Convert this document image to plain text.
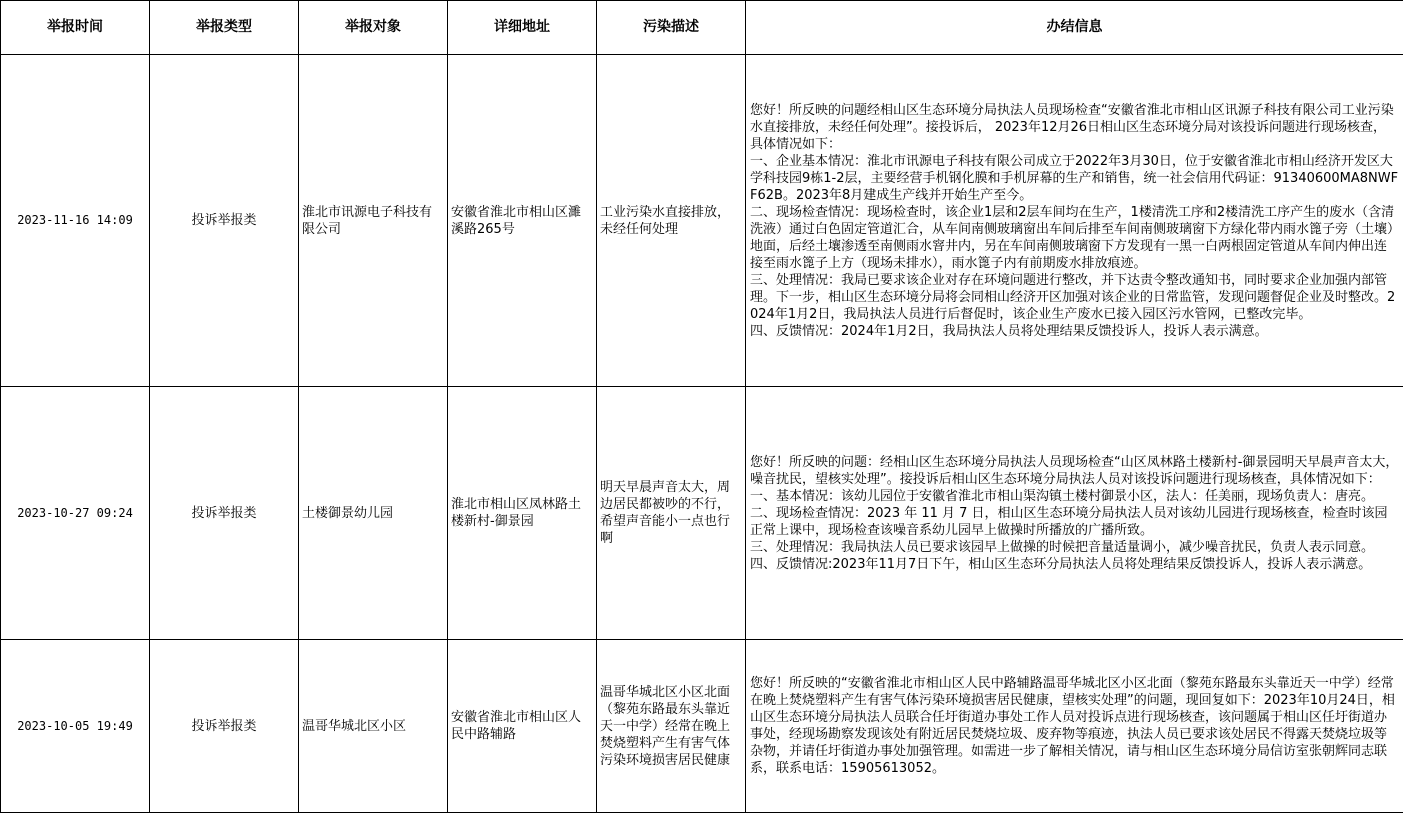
举报时间	举报类型	举报对象	详细地址	污染描述	办结信息
2023-11-16 14:09	投诉举报类	淮北市讯源电子科技有限公司	安徽省淮北市相山区濉溪路265号	工业污染水直接排放，未经任何处理	您好！所反映的问题经相山区生态环境分局执法人员现场检查“安徽省淮北市相山区讯源子科技有限公司工业污染水直接排放，未经任何处理”。接投诉后， 2023年12月26日相山区生态环境分局对该投诉问题进行现场核查，具体情况如下：
一、企业基本情况：淮北市讯源电子科技有限公司成立于2022年3月30日，位于安徽省淮北市相山经济开发区大学科技园9栋1-2层，主要经营手机钢化膜和手机屏幕的生产和销售，统一社会信用代码证：91340600MA8NWFF62B。2023年8月建成生产线并开始生产至今。
二、现场检查情况：现场检查时，该企业1层和2层车间均在生产，1楼清洗工序和2楼清洗工序产生的废水（含清洗液）通过白色固定管道汇合，从车间南侧玻璃窗出车间后排至车间南侧玻璃窗下方绿化带内雨水篦子旁（土壤）地面，后经土壤渗透至南侧雨水窨井内，另在车间南侧玻璃窗下方发现有一黑一白两根固定管道从车间内伸出连接至雨水篦子上方（现场未排水），雨水篦子内有前期废水排放痕迹。
三、处理情况：我局已要求该企业对存在环境问题进行整改，并下达责令整改通知书，同时要求企业加强内部管理。下一步，相山区生态环境分局将会同相山经济开区加强对该企业的日常监管，发现问题督促企业及时整改。2024年1月2日，我局执法人员进行后督促时，该企业生产废水已接入园区污水管网，已整改完毕。
四、反馈情况：2024年1月2日，我局执法人员将处理结果反馈投诉人，投诉人表示满意。

2023-10-27 09:24	投诉举报类	土楼御景幼儿园	淮北市相山区凤林路土楼新村-御景园	明天早晨声音太大，周边居民都被吵的不行，希望声音能小一点也行啊	您好！所反映的问题：经相山区生态环境分局执法人员现场检查“山区凤林路土楼新村-御景园明天早晨声音太大，噪音扰民，望核实处理”。接投诉后相山区生态环境分局执法人员对该投诉问题进行现场核查，具体情况如下：
一、基本情况：该幼儿园位于安徽省淮北市相山渠沟镇土楼村御景小区，法人：任美丽，现场负责人：唐亮。
二、现场检查情况：2023 年 11 月 7 日，相山区生态环境分局执法人员对该幼儿园进行现场核查，检查时该园正常上课中，现场检查该噪音系幼儿园早上做操时所播放的广播所致。
三、处理情况：我局执法人员已要求该园早上做操的时候把音量适量调小，减少噪音扰民，负责人表示同意。
四、反馈情况:2023年11月7日下午，相山区生态环分局执法人员将处理结果反馈投诉人，投诉人表示满意。

2023-10-05 19:49	投诉举报类	温哥华城北区小区	安徽省淮北市相山区人民中路辅路	温哥华城北区小区北面（黎苑东路最东头靠近天一中学）经常在晚上焚烧塑料产生有害气体污染环境损害居民健康	您好！所反映的“安徽省淮北市相山区人民中路辅路温哥华城北区小区北面（黎苑东路最东头靠近天一中学）经常在晚上焚烧塑料产生有害气体污染环境损害居民健康，望核实处理”的问题，现回复如下：2023年10月24日，相山区生态环境分局执法人员联合任圩街道办事处工作人员对投诉点进行现场核查，该问题属于相山区任圩街道办事处，经现场勘察发现该处有附近居民焚烧垃圾、废弃物等痕迹，执法人员已要求该处居民不得露天焚烧垃圾等杂物，并请任圩街道办事处加强管理。如需进一步了解相关情况，请与相山区生态环境分局信访室张朝辉同志联系，联系电话：15905613052。
